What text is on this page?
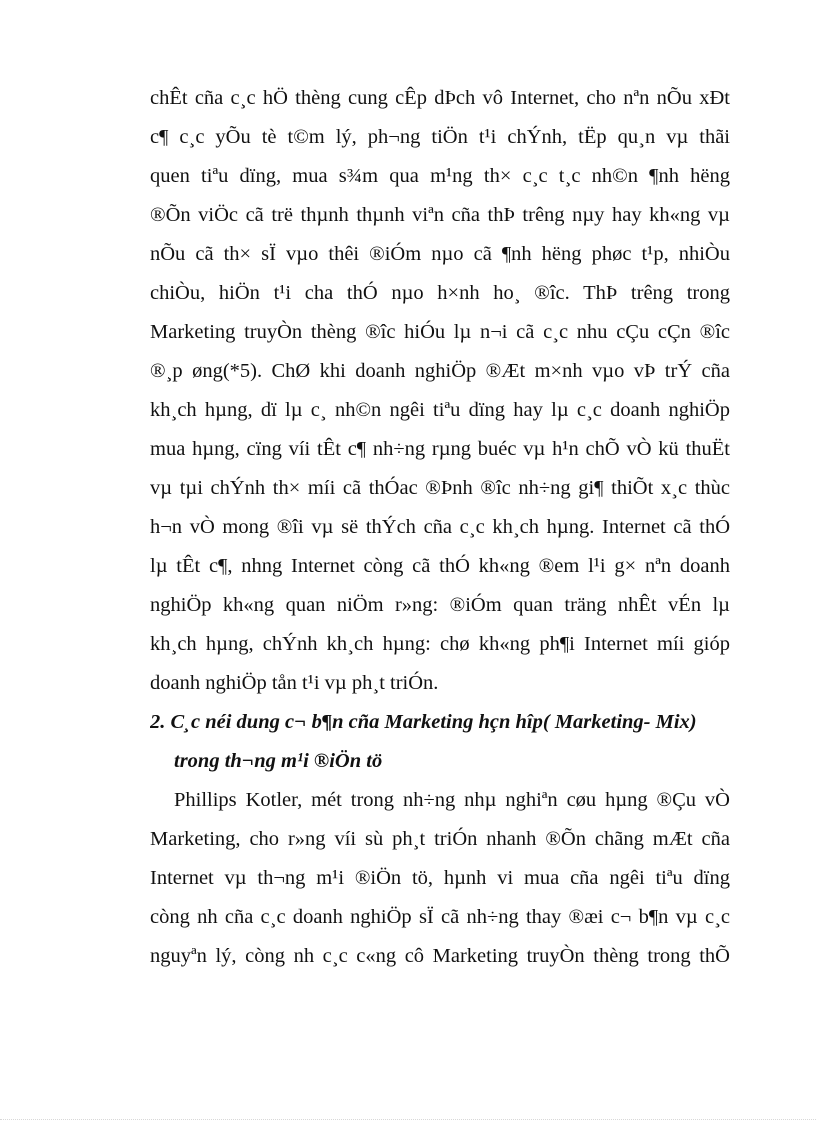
chÊt cña c¸c hÖ thèng cung cÊp dÞch vô Internet, cho nªn nÕu xÐt
c¶ c¸c yÕu tè t©m lý, ph¬ng tiÖn t¹i chÝnh, tËp qu¸n vµ thãi
quen tiªu dïng, mua s¾m qua m¹ng th× c¸c t¸c nh©n ¶nh hëng
®Õn viÖc cã trë thµnh thµnh viªn cña thÞ trêng nµy hay kh«ng vµ
nÕu cã th× sÏ vµo thêi ®iÓm nµo cã ¶nh hëng phøc t¹p, nhiÒu
chiÒu, hiÖn t¹i cha thÓ nµo h×nh ho¸ ®îc. ThÞ trêng trong
Marketing truyÒn thèng ®îc hiÓu lµ n¬i cã c¸c nhu cÇu cÇn ®îc
®¸p øng(*5). ChØ khi doanh nghiÖp ®Æt m×nh vµo vÞ trÝ cña
kh¸ch hµng, dï lµ c¸ nh©n ngêi tiªu dïng hay lµ c¸c doanh nghiÖp
mua hµng, cïng víi tÊt c¶ nh÷ng rµng buéc vµ h¹n chÕ vÒ kü thuËt
vµ tµi chÝnh th× míi cã thÓac ®Þnh ®îc nh÷ng gi¶ thiÕt x¸c thùc
h¬n vÒ mong ®îi vµ së thÝch cña c¸c kh¸ch hµng. Internet cã thÓ
lµ tÊt c¶, nhng Internet còng cã thÓ kh«ng ®em l¹i g× nªn doanh
nghiÖp kh«ng quan niÖm r»ng: ®iÓm quan träng nhÊt vÉn lµ
kh¸ch hµng, chÝnh kh¸ch hµng: chø kh«ng ph¶i Internet míi gióp
doanh nghiÖp tån t¹i vµ ph¸t triÓn.
2. C¸c néi dung c¬ b¶n cña Marketing hçn hîp( Marketing- Mix)
trong th¬ng m¹i ®iÖn tö
Phillips Kotler, mét trong nh÷ng nhµ nghiªn cøu hµng ®Çu vÒ
Marketing, cho r»ng víi sù ph¸t triÓn nhanh ®Õn chãng mÆt cña
Internet vµ th¬ng m¹i ®iÖn tö, hµnh vi mua cña ngêi tiªu dïng
còng nh cña c¸c doanh nghiÖp sÏ cã nh÷ng thay ®æi c¬ b¶n vµ c¸c
nguyªn lý, còng nh c¸c c«ng cô Marketing truyÒn thèng trong thÕ
